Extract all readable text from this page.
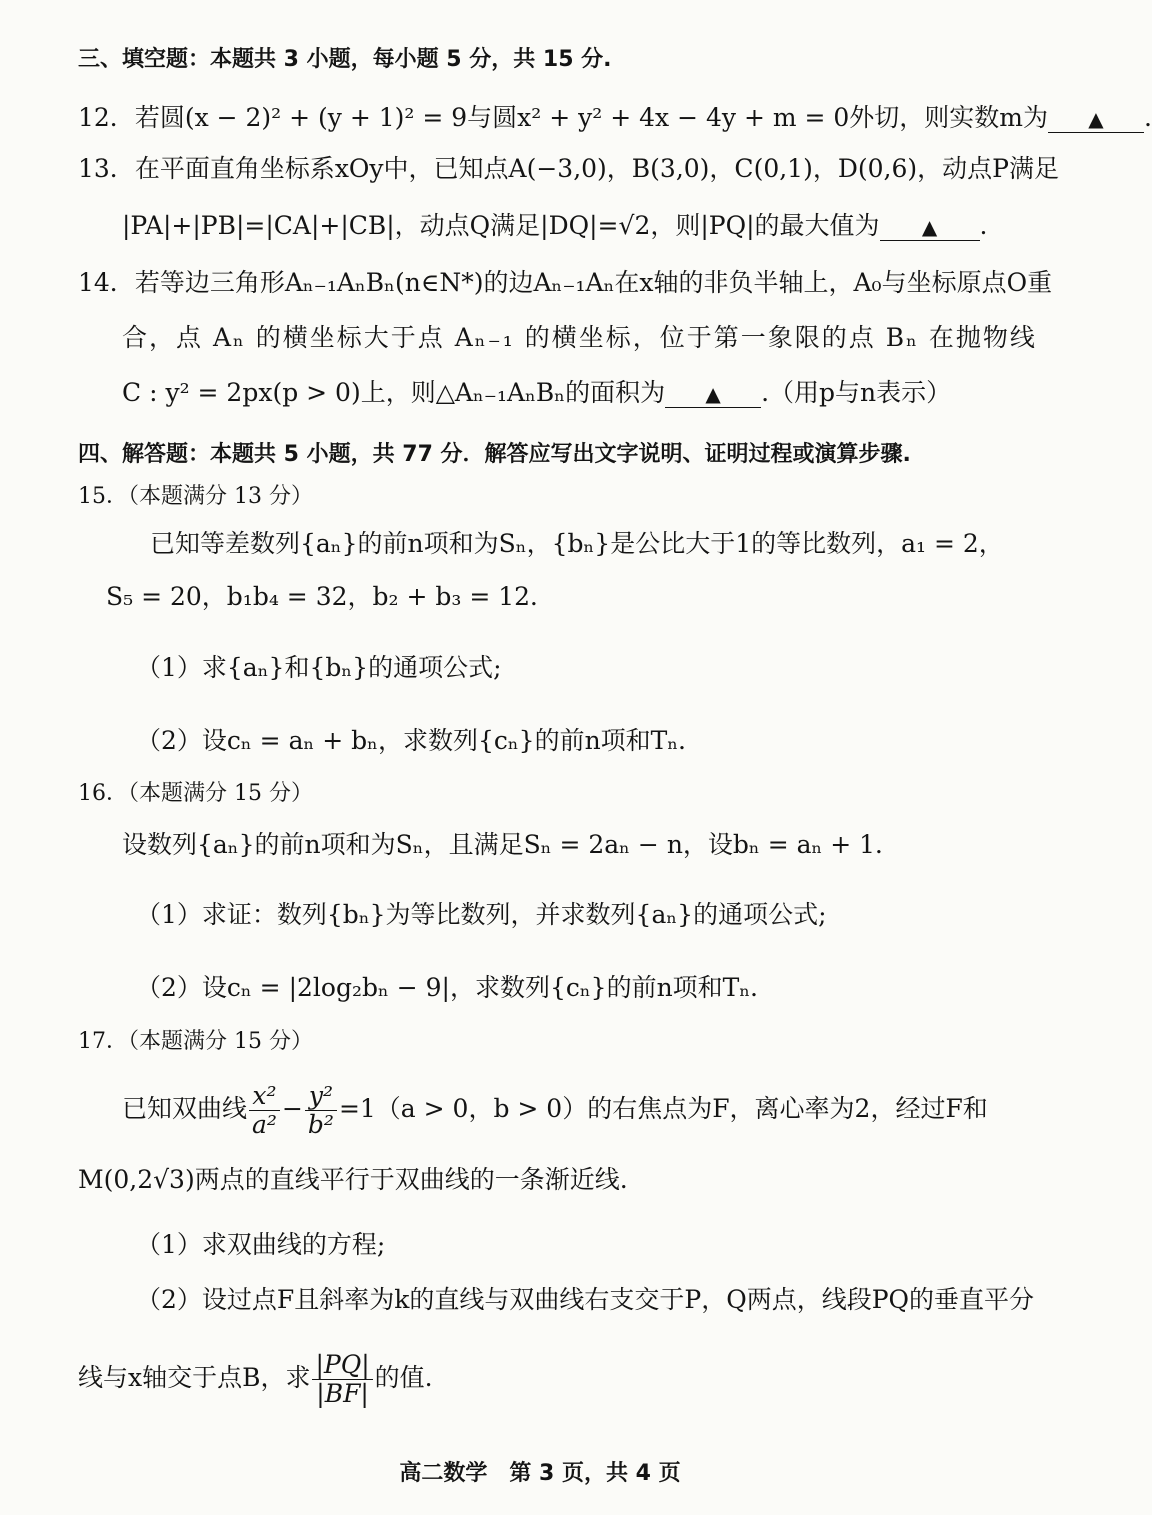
三、填空题：本题共 3 小题，每小题 5 分，共 15 分.
12．若圆(x − 2)² + (y + 1)² = 9与圆x² + y² + 4x − 4y + m = 0外切，则实数m为 ▲ .
13．在平面直角坐标系xOy中，已知点A(−3,0)，B(3,0)，C(0,1)，D(0,6)，动点P满足
|PA|+|PB|=|CA|+|CB|，动点Q满足|DQ|=√2，则|PQ|的最大值为 ▲ .
14．若等边三角形Aₙ₋₁AₙBₙ(n∈N*)的边Aₙ₋₁Aₙ在x轴的非负半轴上，A₀与坐标原点O重
合，点 Aₙ 的横坐标大于点 Aₙ₋₁ 的横坐标，位于第一象限的点 Bₙ 在抛物线
C : y² = 2px(p > 0)上，则△Aₙ₋₁AₙBₙ的面积为 ▲ .（用p与n表示）
四、解答题：本题共 5 小题，共 77 分．解答应写出文字说明、证明过程或演算步骤.
15．（本题满分 13 分）
已知等差数列{aₙ}的前n项和为Sₙ，{bₙ}是公比大于1的等比数列，a₁ = 2，
S₅ = 20，b₁b₄ = 32，b₂ + b₃ = 12．
（1）求{aₙ}和{bₙ}的通项公式;
（2）设cₙ = aₙ + bₙ，求数列{cₙ}的前n项和Tₙ．
16．（本题满分 15 分）
设数列{aₙ}的前n项和为Sₙ，且满足Sₙ = 2aₙ − n，设bₙ = aₙ + 1．
（1）求证：数列{bₙ}为等比数列，并求数列{aₙ}的通项公式;
（2）设cₙ = |2log₂bₙ − 9|，求数列{cₙ}的前n项和Tₙ．
17．（本题满分 15 分）
已知双曲线 $\frac{\text{x²}}{\text{a²}} - \frac{\text{y²}}{\text{b²}} =1(a > 0$，b > 0）的右焦点为F，离心率为2，经过F和
M(0,2√3)两点的直线平行于双曲线的一条渐近线.
（1）求双曲线的方程;
（2）设过点F且斜率为k的直线与双曲线右支交于P，Q两点，线段PQ的垂直平分
线与x轴交于点B，求 $\frac{|PQ|}{|BF|}$ 的值.
高二数学　第 3 页，共 4 页
